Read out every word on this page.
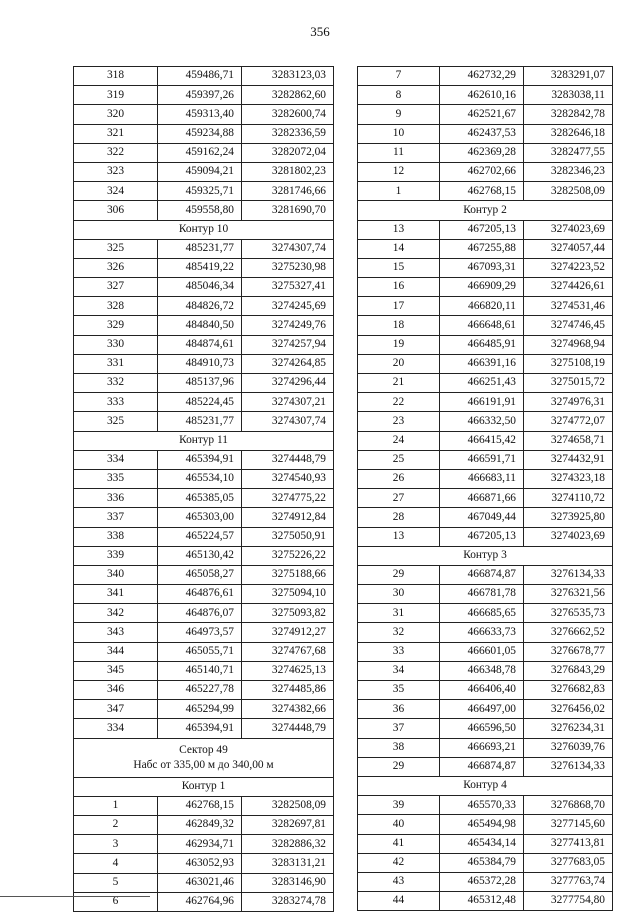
356
318	459486,71	3283123,03
319	459397,26	3282862,60
320	459313,40	3282600,74
321	459234,88	3282336,59
322	459162,24	3282072,04
323	459094,21	3281802,23
324	459325,71	3281746,66
306	459558,80	3281690,70
Контур 10		
325	485231,77	3274307,74
326	485419,22	3275230,98
327	485046,34	3275327,41
328	484826,72	3274245,69
329	484840,50	3274249,76
330	484874,61	3274257,94
331	484910,73	3274264,85
332	485137,96	3274296,44
333	485224,45	3274307,21
325	485231,77	3274307,74
Контур 11		
334	465394,91	3274448,79
335	465534,10	3274540,93
336	465385,05	3274775,22
337	465303,00	3274912,84
338	465224,57	3275050,91
339	465130,42	3275226,22
340	465058,27	3275188,66
341	464876,61	3275094,10
342	464876,07	3275093,82
343	464973,57	3274912,27
344	465055,71	3274767,68
345	465140,71	3274625,13
346	465227,78	3274485,86
347	465294,99	3274382,66
334	465394,91	3274448,79

Сектор 49
Набс от 335,00 м до 340,00 м		

Контур 1		
1	462768,15	3282508,09
2	462849,32	3282697,81
3	462934,71	3282886,32
4	463052,93	3283131,21
5	463021,46	3283146,90
6	462764,96	3283274,78
7	462732,29	3283291,07
8	462610,16	3283038,11
9	462521,67	3282842,78
10	462437,53	3282646,18
11	462369,28	3282477,55
12	462702,66	3282346,23
1	462768,15	3282508,09
Контур 2		
13	467205,13	3274023,69
14	467255,88	3274057,44
15	467093,31	3274223,52
16	466909,29	3274426,61
17	466820,11	3274531,46
18	466648,61	3274746,45
19	466485,91	3274968,94
20	466391,16	3275108,19
21	466251,43	3275015,72
22	466191,91	3274976,31
23	466332,50	3274772,07
24	466415,42	3274658,71
25	466591,71	3274432,91
26	466683,11	3274323,18
27	466871,66	3274110,72
28	467049,44	3273925,80
13	467205,13	3274023,69
Контур 3		
29	466874,87	3276134,33
30	466781,78	3276321,56
31	466685,65	3276535,73
32	466633,73	3276662,52
33	466601,05	3276678,77
34	466348,78	3276843,29
35	466406,40	3276682,83
36	466497,00	3276456,02
37	466596,50	3276234,31
38	466693,21	3276039,76
29	466874,87	3276134,33
Контур 4		
39	465570,33	3276868,70
40	465494,98	3277145,60
41	465434,14	3277413,81
42	465384,79	3277683,05
43	465372,28	3277763,74
44	465312,48	3277754,80
